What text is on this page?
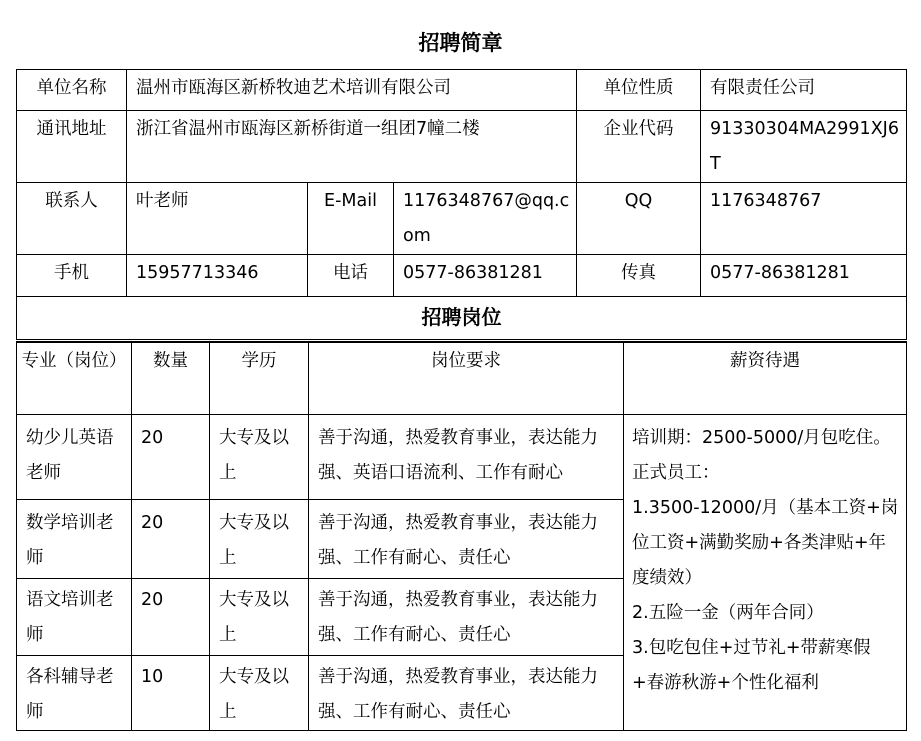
招聘简章
单位名称	温州市瓯海区新桥牧迪艺术培训有限公司			单位性质	有限责任公司
通讯地址	浙江省温州市瓯海区新桥街道一组团7幢二楼			企业代码	91330304MA2991XJ6T
联系人	叶老师	E-Mail	1176348767@qq.com	QQ	1176348767
手机	15957713346	电话	0577-86381281	传真	0577-86381281
招聘岗位					
专业（岗位）	数量	学历	岗位要求	薪资待遇
幼少儿英语老师	20	大专及以上	善于沟通，热爱教育事业，表达能力强、英语口语流利、工作有耐心	培训期：2500-5000/月包吃住。正式员工：
1.3500-12000/月（基本工资+岗位工资+满勤奖励+各类津贴+年度绩效）
2.五险一金（两年合同）
3.包吃包住+过节礼+带薪寒假+春游秋游+个性化福利

数学培训老师	20	大专及以上	善于沟通，热爱教育事业，表达能力强、工作有耐心、责任心	
语文培训老师	20	大专及以上	善于沟通，热爱教育事业，表达能力强、工作有耐心、责任心	
各科辅导老师	10	大专及以上	善于沟通，热爱教育事业，表达能力强、工作有耐心、责任心	
